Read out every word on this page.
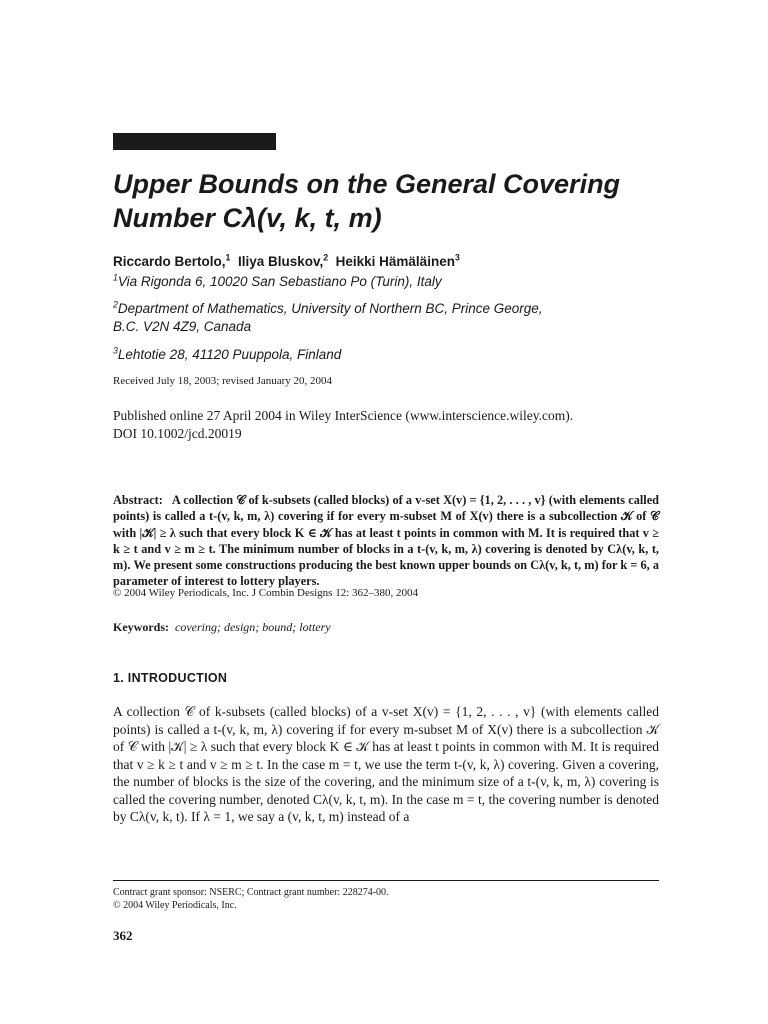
Upper Bounds on the General Covering
Number Cλ(v, k, t, m)
Riccardo Bertolo,$^1$ Iliya Bluskov,$^2$ Heikki Hämäläinen$^3$
$^1$Via Rigonda 6, 10020 San Sebastiano Po (Turin), Italy
$^2$Department of Mathematics, University of Northern BC, Prince George,
B.C. V2N 4Z9, Canada
$^3$Lehtotie 28, 41120 Puuppola, Finland
Received July 18, 2003; revised January 20, 2004
Published online 27 April 2004 in Wiley InterScience (www.interscience.wiley.com).
DOI 10.1002/jcd.20019
Abstract: A collection 𝒞 of k-subsets (called blocks) of a v-set X(v) = {1, 2, . . . , v} (with elements called points) is called a t-(v, k, m, λ) covering if for every m-subset M of X(v) there is a subcollection 𝒦 of 𝒞 with |𝒦| ≥ λ such that every block K ∈ 𝒦 has at least t points in common with M. It is required that v ≥ k ≥ t and v ≥ m ≥ t. The minimum number of blocks in a t-(v, k, m, λ) covering is denoted by Cλ(v, k, t, m). We present some constructions producing the best known upper bounds on Cλ(v, k, t, m) for k = 6, a parameter of interest to lottery players.
© 2004 Wiley Periodicals, Inc. J Combin Designs 12: 362–380, 2004
Keywords: covering; design; bound; lottery
1. INTRODUCTION
A collection 𝒞 of k-subsets (called blocks) of a v-set X(v) = {1, 2, . . . , v} (with elements called points) is called a t-(v, k, m, λ) covering if for every m-subset M of X(v) there is a subcollection 𝒦 of 𝒞 with |𝒦| ≥ λ such that every block K ∈ 𝒦 has at least t points in common with M. It is required that v ≥ k ≥ t and v ≥ m ≥ t. In the case m = t, we use the term t-(v, k, λ) covering. Given a covering, the number of blocks is the size of the covering, and the minimum size of a t-(v, k, m, λ) covering is called the covering number, denoted Cλ(v, k, t, m). In the case m = t, the covering number is denoted by Cλ(v, k, t). If λ = 1, we say a (v, k, t, m) instead of a
Contract grant sponsor: NSERC; Contract grant number: 228274-00.
© 2004 Wiley Periodicals, Inc.
362
